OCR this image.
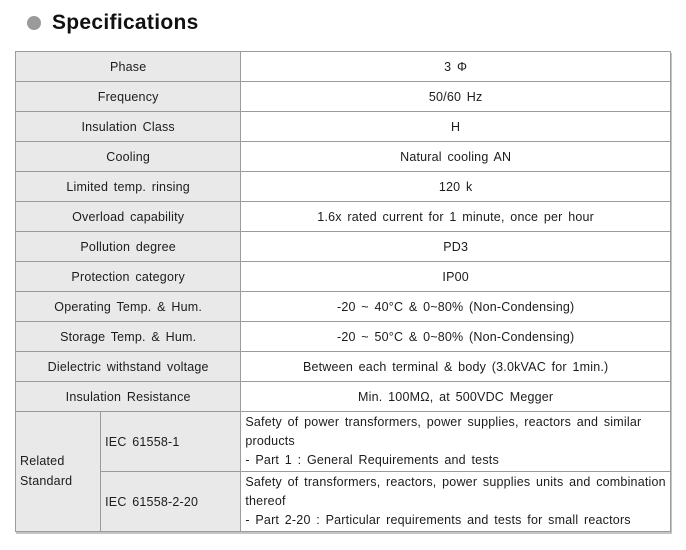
Specifications
Phase		3 Φ
Frequency		50/60 Hz
Insulation Class		H
Cooling		Natural cooling AN
Limited temp. rinsing		120 k
Overload capability		1.6x rated current for 1 minute, once per hour
Pollution degree		PD3
Protection category		IP00
Operating Temp. & Hum.		-20 ~ 40°C & 0~80% (Non-Condensing)
Storage Temp. & Hum.		-20 ~ 50°C & 0~80% (Non-Condensing)
Dielectric withstand voltage		Between each terminal & body (3.0kVAC for 1min.)
Insulation Resistance		Min. 100MΩ, at 500VDC Megger
Related Standard	IEC 61558-1	Safety of power transformers, power supplies, reactors and similar products
- Part 1 : General Requirements and tests

	IEC 61558-2-20	Safety of transformers, reactors, power supplies units and combination thereof
- Part 2-20 : Particular requirements and tests for small reactors
